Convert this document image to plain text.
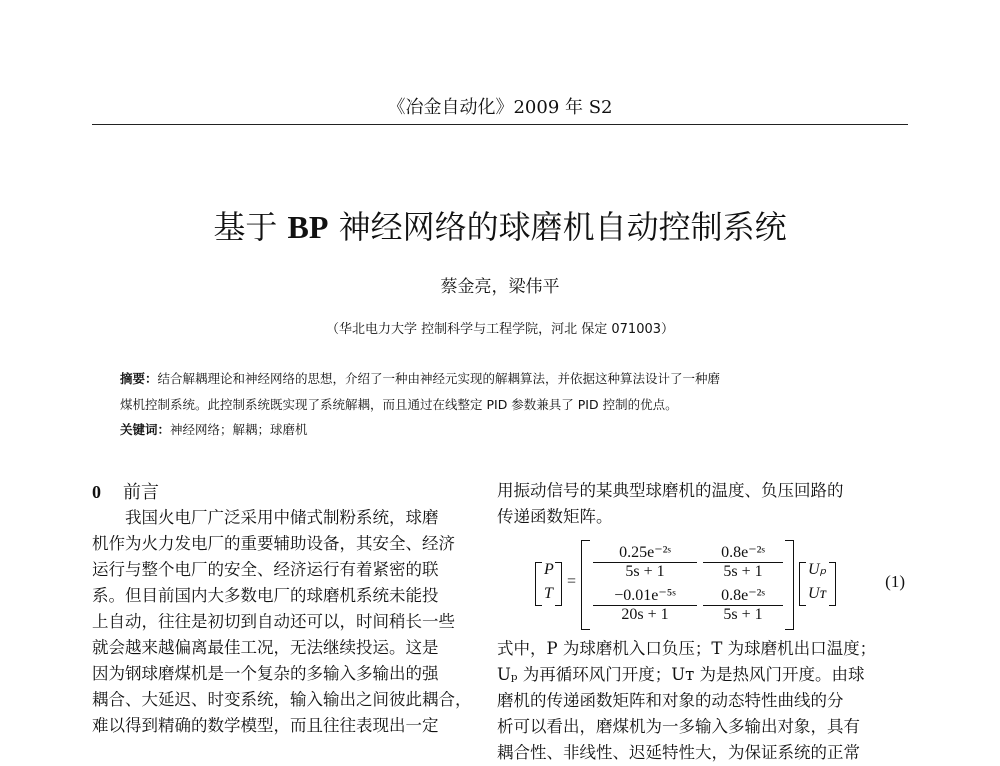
《冶金自动化》2009 年 S2
基于 BP 神经网络的球磨机自动控制系统
蔡金亮，梁伟平
（华北电力大学 控制科学与工程学院，河北 保定 071003）
摘要：结合解耦理论和神经网络的思想，介绍了一种由神经元实现的解耦算法，并依据这种算法设计了一种磨
煤机控制系统。此控制系统既实现了系统解耦，而且通过在线整定 PID 参数兼具了 PID 控制的优点。
关键词：神经网络；解耦；球磨机
0 前言

我国火电厂广泛采用中储式制粉系统，球磨

机作为火力发电厂的重要辅助设备，其安全、经济

运行与整个电厂的安全、经济运行有着紧密的联

系。但目前国内大多数电厂的球磨机系统未能投

上自动，往往是初切到自动还可以，时间稍长一些

就会越来越偏离最佳工况，无法继续投运。这是

因为钢球磨煤机是一个复杂的多输入多输出的强

耦合、大延迟、时变系统，输入输出之间彼此耦合，

难以得到精确的数学模型，而且往往表现出一定

用振动信号的某典型球磨机的温度、负压回路的

传递函数矩阵。

P
T
=
$\frac{\text{0.25e⁻²ˢ}}{5s + 1} \frac{\text{0.8e⁻²ˢ}}{5s + 1}$
$\frac{\text{−0.01e⁻⁵ˢ}}{20s + 1} \frac{\text{0.8e⁻²ˢ}}{5s + 1}$
Uₚ
Uᴛ
(1)

式中，P 为球磨机入口负压；T 为球磨机出口温度；

Uₚ 为再循环风门开度；Uᴛ 为是热风门开度。由球

磨机的传递函数矩阵和对象的动态特性曲线的分

析可以看出，磨煤机为一多输入多输出对象，具有

耦合性、非线性、迟延特性大，为保证系统的正常
